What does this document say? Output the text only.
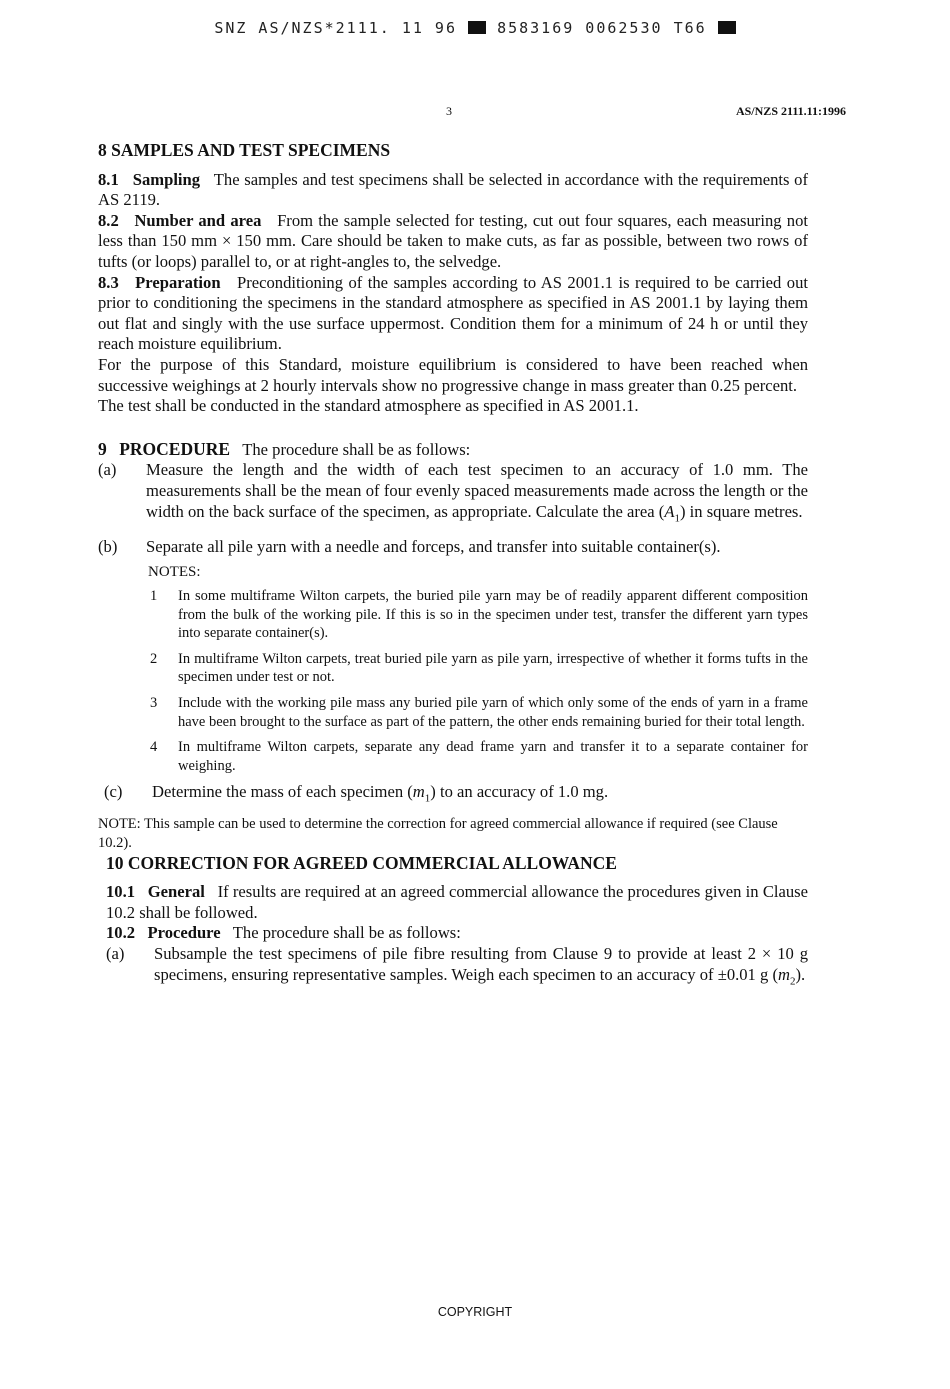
SNZ AS/NZS*2111. 11 96	8583169 0062530 T66
3	AS/NZS 2111.11:1996

8 SAMPLES AND TEST SPECIMENS

8.1 Sampling The samples and test specimens shall be selected in accordance with the requirements of AS 2119.

8.2 Number and area From the sample selected for testing, cut out four squares, each measuring not less than 150 mm × 150 mm. Care should be taken to make cuts, as far as possible, between two rows of tufts (or loops) parallel to, or at right-angles to, the selvedge.

8.3 Preparation Preconditioning of the samples according to AS 2001.1 is required to be carried out prior to conditioning the specimens in the standard atmosphere as specified in AS 2001.1 by laying them out flat and singly with the use surface uppermost. Condition them for a minimum of 24 h or until they reach moisture equilibrium.

For the purpose of this Standard, moisture equilibrium is considered to have been reached when successive weighings at 2 hourly intervals show no progressive change in mass greater than 0.25 percent.

The test shall be conducted in the standard atmosphere as specified in AS 2001.1.

9 PROCEDURE The procedure shall be as follows:

(a)	Measure the length and the width of each test specimen to an accuracy of 1.0 mm. The measurements shall be the mean of four evenly spaced measurements made across the length or the width on the back surface of the specimen, as appropriate. Calculate the area $(A_1)$ in square metres.
(b)	Separate all pile yarn with a needle and forceps, and transfer into suitable container(s).
NOTES:
1	In some multiframe Wilton carpets, the buried pile yarn may be of readily apparent different composition from the bulk of the working pile. If this is so in the specimen under test, transfer the different yarn types into separate container(s).
2	In multiframe Wilton carpets, treat buried pile yarn as pile yarn, irrespective of whether it forms tufts in the specimen under test or not.
3	Include with the working pile mass any buried pile yarn of which only some of the ends of yarn in a frame have been brought to the surface as part of the pattern, the other ends remaining buried for their total length.
4	In multiframe Wilton carpets, separate any dead frame yarn and transfer it to a separate container for weighing.
(c)	Determine the mass of each specimen $(m_1)$ to an accuracy of 1.0 mg.

NOTE: This sample can be used to determine the correction for agreed commercial allowance if required (see Clause 10.2).

10 CORRECTION FOR AGREED COMMERCIAL ALLOWANCE

10.1 General If results are required at an agreed commercial allowance the procedures given in Clause 10.2 shall be followed.

10.2 Procedure The procedure shall be as follows:

(a)	Subsample the test specimens of pile fibre resulting from Clause 9 to provide at least 2 × 10 g specimens, ensuring representative samples. Weigh each specimen to an accuracy of ±0.01 g $(m_2)$.
COPYRIGHT
